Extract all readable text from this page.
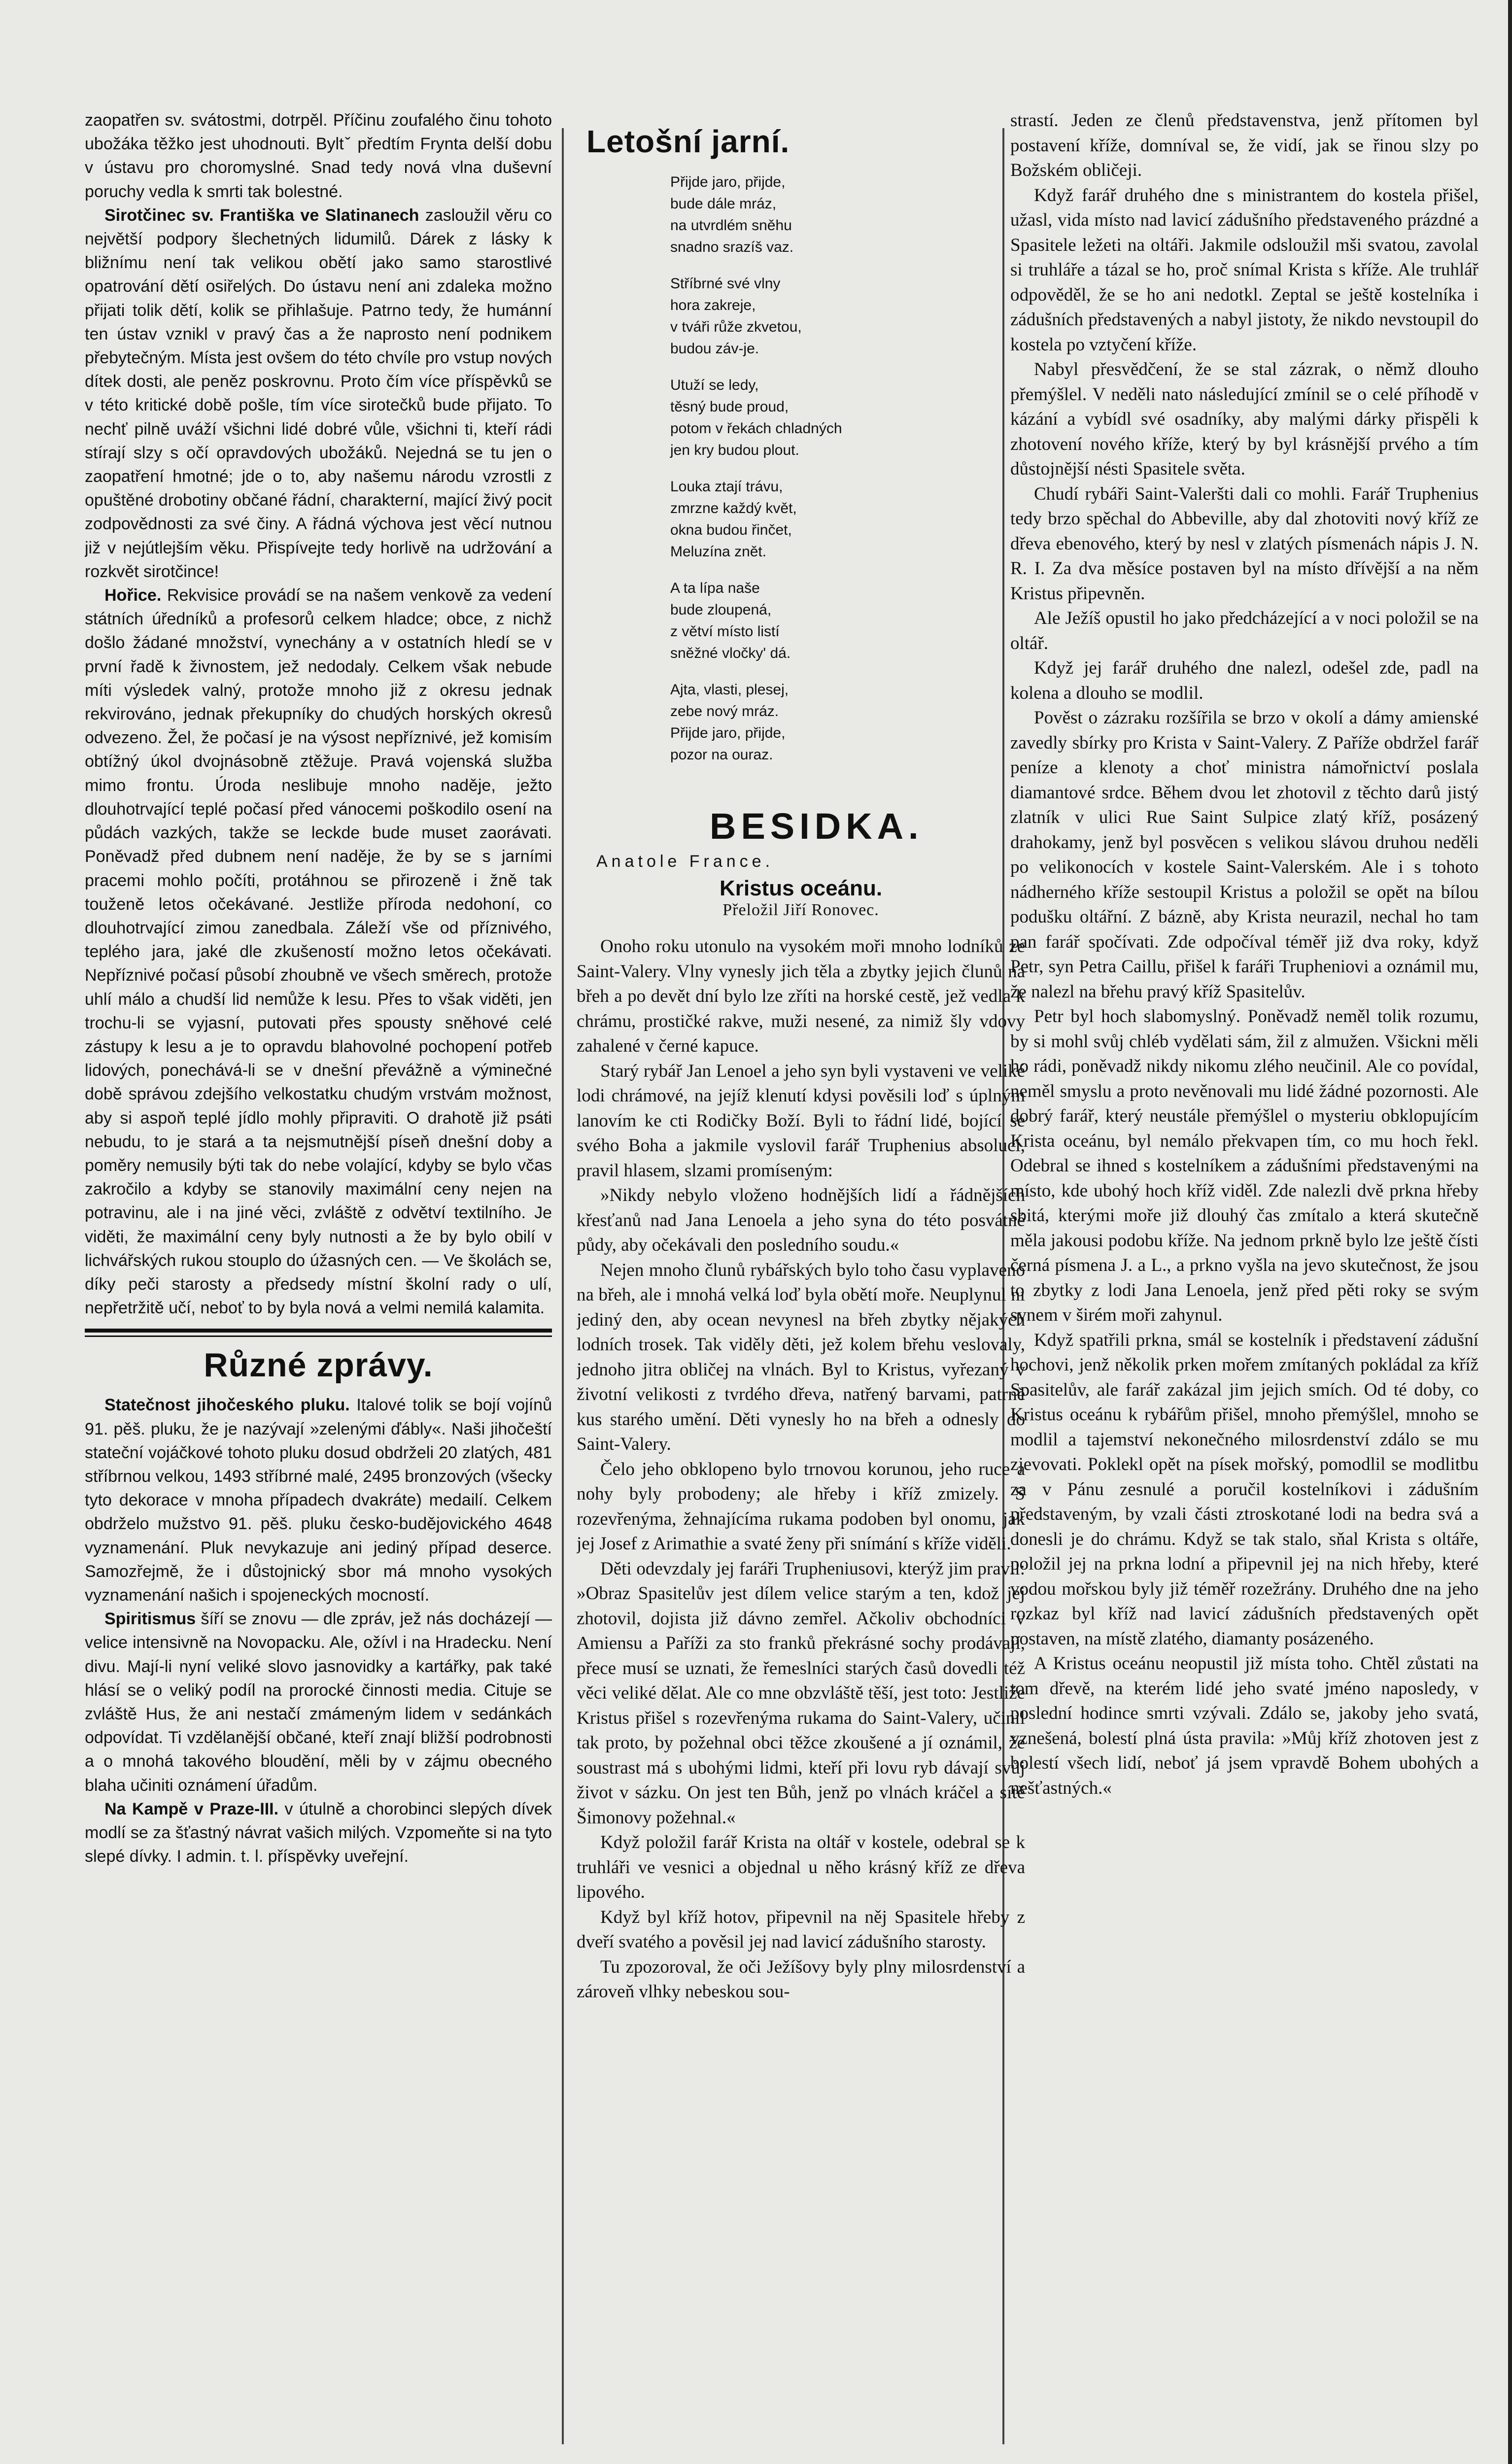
zaopatřen sv. svátostmi, dotrpěl. Příčinu zoufalého činu tohoto ubožáka těžko jest uhodnouti. Byltˇ předtím Frynta delší dobu v ústavu pro choromyslné. Snad tedy nová vlna duševní poruchy vedla k smrti tak bolestné.

Sirotčinec sv. Františka ve Slatinanech zasloužil věru co největší podpory šlechetných lidumilů. Dárek z lásky k bližnímu není tak velikou obětí jako samo starostlivé opatrování dětí osiřelých. Do ústavu není ani zdaleka možno přijati tolik dětí, kolik se přihlašuje. Patrno tedy, že humánní ten ústav vznikl v pravý čas a že naprosto není podnikem přebytečným. Místa jest ovšem do této chvíle pro vstup nových dítek dosti, ale peněz poskrovnu. Proto čím více příspěvků se v této kritické době pošle, tím více sirotečků bude přijato. To nechť pilně uváží všichni lidé dobré vůle, všichni ti, kteří rádi stírají slzy s očí opravdových ubožáků. Nejedná se tu jen o zaopatření hmotné; jde o to, aby našemu národu vzrostli z opuštěné drobotiny občané řádní, charakterní, mající živý pocit zodpovědnosti za své činy. A řádná výchova jest věcí nutnou již v nejútlejším věku. Přispívejte tedy horlivě na udržování a rozkvět sirotčince!

Hořice. Rekvisice provádí se na našem venkově za vedení státních úředníků a profesorů celkem hladce; obce, z nichž došlo žádané množství, vynechány a v ostatních hledí se v první řadě k živnostem, jež nedodaly. Celkem však nebude míti výsledek valný, protože mnoho již z okresu jednak rekvirováno, jednak překupníky do chudých horských okresů odvezeno. Žel, že počasí je na výsost nepříznivé, jež komisím obtížný úkol dvojnásobně ztěžuje. Pravá vojenská služba mimo frontu. Úroda neslibuje mnoho naděje, ježto dlouhotrvající teplé počasí před vánocemi poškodilo osení na půdách vazkých, takže se leckde bude muset zaorávati. Poněvadž před dubnem není naděje, že by se s jarními pracemi mohlo počíti, protáhnou se přirozeně i žně tak touženě letos očekávané. Jestliže příroda nedohoní, co dlouhotrvající zimou zanedbala. Záleží vše od příznivého, teplého jara, jaké dle zkušeností možno letos očekávati. Nepříznivé počasí působí zhoubně ve všech směrech, protože uhlí málo a chudší lid nemůže k lesu. Přes to však viděti, jen trochu-li se vyjasní, putovati přes spousty sněhové celé zástupy k lesu a je to opravdu blahovolné pochopení potřeb lidových, ponechává-li se v dnešní převážně a výminečné době správou zdejšího velkostatku chudým vrstvám možnost, aby si aspoň teplé jídlo mohly připraviti. O drahotě již psáti nebudu, to je stará a ta nejsmutnější píseň dnešní doby a poměry nemusily býti tak do nebe volající, kdyby se bylo včas zakročilo a kdyby se stanovily maximální ceny nejen na potravinu, ale i na jiné věci, zvláště z odvětví textilního. Je viděti, že maximální ceny byly nutnosti a že by bylo obilí v lichvářských rukou stouplo do úžasných cen. — Ve školách se, díky peči starosty a předsedy místní školní rady o ulí, nepřetržitě učí, neboť to by byla nová a velmi nemilá kalamita.

Různé zprávy.

Statečnost jihočeského pluku. Italové tolik se bojí vojínů 91. pěš. pluku, že je nazývají »zelenými ďábly«. Naši jihočeští stateční vojáčkové tohoto pluku dosud obdrželi 20 zlatých, 481 stříbrnou velkou, 1493 stříbrné malé, 2495 bronzových (všecky tyto dekorace v mnoha případech dvakráte) medailí. Celkem obdrželo mužstvo 91. pěš. pluku česko-budějovického 4648 vyznamenání. Pluk nevykazuje ani jediný případ deserce. Samozřejmě, že i důstojnický sbor má mnoho vysokých vyznamenání našich i spojeneckých mocností.

Spiritismus šíří se znovu — dle zpráv, jež nás docházejí — velice intensivně na Novopacku. Ale, ožívl i na Hradecku. Není divu. Mají-li nyní veliké slovo jasnovidky a kartářky, pak také hlásí se o veliký podíl na prorocké činnosti media. Cituje se zvláště Hus, že ani nestačí zmámeným lidem v sedánkách odpovídat. Ti vzdělanější občané, kteří znají bližší podrobnosti a o mnohá takového bloudění, měli by v zájmu obecného blaha učiniti oznámení úřadům.

Na Kampě v Praze-III. v útulně a chorobinci slepých dívek modlí se za šťastný návrat vašich milých. Vzpomeňte si na tyto slepé dívky. I admin. t. l. příspěvky uveřejní.

Letošní jarní.
Přijde jaro, přijde,
bude dále mráz,
na utvrdlém sněhu
snadno srazíš vaz.
Stříbrné své vlny
hora zakreje,
v tváři růže zkvetou,
budou záv-je.
Utuží se ledy,
těsný bude proud,
potom v řekách chladných
jen kry budou plout.
Louka ztají trávu,
zmrzne každý květ,
okna budou řinčet,
Meluzína znět.
A ta lípa naše
bude zloupená,
z větví místo listí
sněžné vločky' dá.
Ajta, vlasti, plesej,
zebe nový mráz.
Přijde jaro, přijde,
pozor na ouraz.
BESIDKA.
Anatole France.
Kristus oceánu.
Přeložil Jiří Ronovec.

Onoho roku utonulo na vysokém moři mnoho lodníků ze Saint-Valery. Vlny vynesly jich těla a zbytky jejich člunů na břeh a po devět dní bylo lze zříti na horské cestě, jež vedla k chrámu, prostičké rakve, muži nesené, za nimiž šly vdovy zahalené v černé kapuce.

Starý rybář Jan Lenoel a jeho syn byli vystaveni ve veliké lodi chrámové, na jejíž klenutí kdysi pověsili loď s úplným lanovím ke cti Rodičky Boží. Byli to řádní lidé, bojící se svého Boha a jakmile vyslovil farář Truphenius absoluci, pravil hlasem, slzami promíseným:

»Nikdy nebylo vloženo hodnějších lidí a řádnějších křesťanů nad Jana Lenoela a jeho syna do této posvátné půdy, aby očekávali den posledního soudu.«

Nejen mnoho člunů rybářských bylo toho času vyplaveno na břeh, ale i mnohá velká loď byla obětí moře. Neuplynul ni jediný den, aby ocean nevynesl na břeh zbytky nějakých lodních trosek. Tak viděly děti, jež kolem břehu veslovaly, jednoho jitra obličej na vlnách. Byl to Kristus, vyřezaný v životní velikosti z tvrdého dřeva, natřený barvami, patrně kus starého umění. Děti vynesly ho na břeh a odnesly do Saint-Valery.

Čelo jeho obklopeno bylo trnovou korunou, jeho ruce a nohy byly probodeny; ale hřeby i kříž zmizely. S rozevřenýma, žehnajícíma rukama podoben byl onomu, jak jej Josef z Arimathie a svaté ženy při snímání s kříže viděli.

Děti odevzdaly jej faráři Trupheniusovi, kterýž jim pravil: »Obraz Spasitelův jest dílem velice starým a ten, kdož jej zhotovil, dojista již dávno zemřel. Ačkoliv obchodníci v Amiensu a Paříži za sto franků překrásné sochy prodávají, přece musí se uznati, že řemeslníci starých časů dovedli též věci veliké dělat. Ale co mne obzvláště těší, jest toto: Jestliže Kristus přišel s rozevřenýma rukama do Saint-Valery, učinil tak proto, by požehnal obci těžce zkoušené a jí oznámil, že soustrast má s ubohými lidmi, kteří při lovu ryb dávají svůj život v sázku. On jest ten Bůh, jenž po vlnách kráčel a sítě Šimonovy požehnal.«

Když položil farář Krista na oltář v kostele, odebral se k truhláři ve vesnici a objednal u něho krásný kříž ze dřeva lipového.

Když byl kříž hotov, připevnil na něj Spasitele hřeby z dveří svatého a pověsil jej nad lavicí zádušního starosty.

Tu zpozoroval, že oči Ježíšovy byly plny milosrdenství a zároveň vlhky nebeskou sou-

strastí. Jeden ze členů představenstva, jenž přítomen byl postavení kříže, domníval se, že vidí, jak se řinou slzy po Božském obličeji.

Když farář druhého dne s ministrantem do kostela přišel, užasl, vida místo nad lavicí zádušního představeného prázdné a Spasitele ležeti na oltáři. Jakmile odsloužil mši svatou, zavolal si truhláře a tázal se ho, proč snímal Krista s kříže. Ale truhlář odpověděl, že se ho ani nedotkl. Zeptal se ještě kostelníka i zádušních představených a nabyl jistoty, že nikdo nevstoupil do kostela po vztyčení kříže.

Nabyl přesvědčení, že se stal zázrak, o němž dlouho přemýšlel. V neděli nato následující zmínil se o celé příhodě v kázání a vybídl své osadníky, aby malými dárky přispěli k zhotovení nového kříže, který by byl krásnější prvého a tím důstojnější nésti Spasitele světa.

Chudí rybáři Saint-Valeršti dali co mohli. Farář Truphenius tedy brzo spěchal do Abbeville, aby dal zhotoviti nový kříž ze dřeva ebenového, který by nesl v zlatých písmenách nápis J. N. R. I. Za dva měsíce postaven byl na místo dřívější a na něm Kristus připevněn.

Ale Ježíš opustil ho jako předcházející a v noci položil se na oltář.

Když jej farář druhého dne nalezl, odešel zde, padl na kolena a dlouho se modlil.

Pověst o zázraku rozšířila se brzo v okolí a dámy amienské zavedly sbírky pro Krista v Saint-Valery. Z Paříže obdržel farář peníze a klenoty a choť ministra námořnictví poslala diamantové srdce. Během dvou let zhotovil z těchto darů jistý zlatník v ulici Rue Saint Sulpice zlatý kříž, posázený drahokamy, jenž byl posvěcen s velikou slávou druhou neděli po velikonocích v kostele Saint-Valerském. Ale i s tohoto nádherného kříže sestoupil Kristus a položil se opět na bílou podušku oltářní. Z bázně, aby Krista neurazil, nechal ho tam pan farář spočívati. Zde odpočíval téměř již dva roky, když Petr, syn Petra Caillu, přišel k faráři Trupheniovi a oznámil mu, že nalezl na břehu pravý kříž Spasitelův.

Petr byl hoch slabomyslný. Poněvadž neměl tolik rozumu, by si mohl svůj chléb vydělati sám, žil z almužen. Všickni měli ho rádi, poněvadž nikdy nikomu zlého neučinil. Ale co povídal, neměl smyslu a proto nevěnovali mu lidé žádné pozornosti. Ale dobrý farář, který neustále přemýšlel o mysteriu obklopujícím Krista oceánu, byl nemálo překvapen tím, co mu hoch řekl. Odebral se ihned s kostelníkem a zádušními představenými na místo, kde ubohý hoch kříž viděl. Zde nalezli dvě prkna hřeby sbitá, kterými moře již dlouhý čas zmítalo a která skutečně měla jakousi podobu kříže. Na jednom prkně bylo lze ještě čísti černá písmena J. a L., a prkno vyšla na jevo skutečnost, že jsou to zbytky z lodi Jana Lenoela, jenž před pěti roky se svým synem v širém moři zahynul.

Když spatřili prkna, smál se kostelník i představení zádušní hochovi, jenž několik prken mořem zmítaných pokládal za kříž Spasitelův, ale farář zakázal jim jejich smích. Od té doby, co Kristus oceánu k rybářům přišel, mnoho přemýšlel, mnoho se modlil a tajemství nekonečného milosrdenství zdálo se mu zjevovati. Poklekl opět na písek mořský, pomodlil se modlitbu za v Pánu zesnulé a poručil kostelníkovi i zádušním představeným, by vzali části ztroskotané lodi na bedra svá a donesli je do chrámu. Když se tak stalo, sňal Krista s oltáře, položil jej na prkna lodní a připevnil jej na nich hřeby, které vodou mořskou byly již téměř rozežrány. Druhého dne na jeho rozkaz byl kříž nad lavicí zádušních představených opět postaven, na místě zlatého, diamanty posázeného.

A Kristus oceánu neopustil již místa toho. Chtěl zůstati na tom dřevě, na kterém lidé jeho svaté jméno naposledy, v poslední hodince smrti vzývali. Zdálo se, jakoby jeho svatá, vznešená, bolestí plná ústa pravila: »Můj kříž zhotoven jest z bolestí všech lidí, neboť já jsem vpravdě Bohem ubohých a nešťastných.«
